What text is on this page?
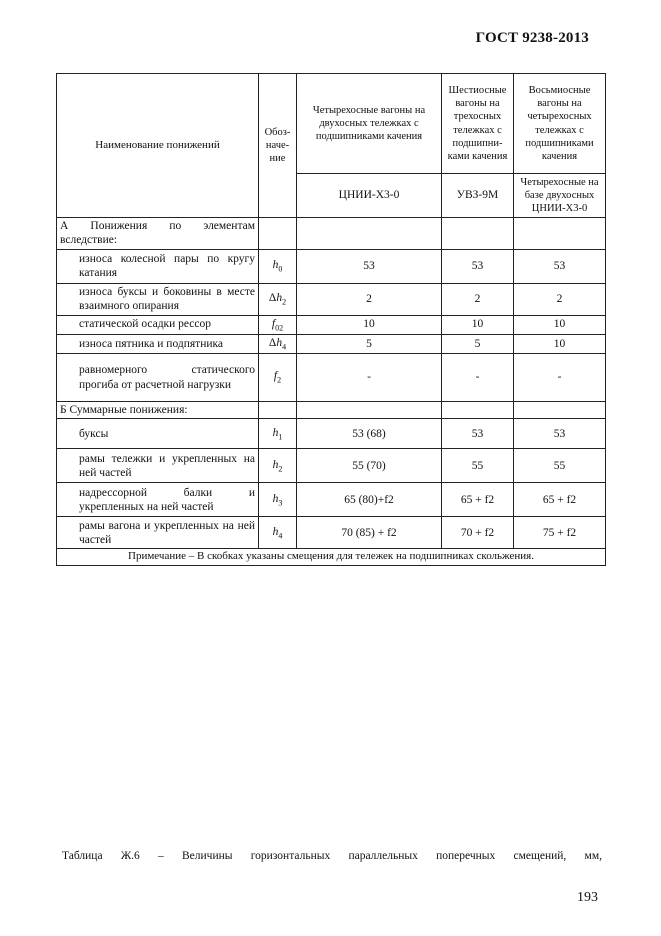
ГОСТ 9238-2013
Наименование понижений	Обоз-наче-ние	Четырехосные вагоны на двухосных тележках с подшипниками качения	Шестиосные вагоны на трехосных тележках с подшипни-ками качения	Восьмиосные вагоны на четырехосных тележках с подшипниками качения
		ЦНИИ-Х3-0	УВЗ-9М	Четырехосные на базе двухосных ЦНИИ-Х3-0
А Понижения по элементам вследствие:				
износа колесной пары по кругу катания	$h_0$	53	53	53
износа буксы и боковины в месте взаимного опирания	$\Delta h_2$	2	2	2
статической осадки рессор	$f_{02}$	10	10	10
износа пятника и подпятника	$\Delta h_4$	5	5	10
равномерного статического прогиба от расчетной нагрузки	$f_2$	-	-	-
Б Суммарные понижения:				
буксы	$h_1$	53 (68)	53	53
рамы тележки и укрепленных на ней частей	$h_2$	55 (70)	55	55
надрессорной балки и укрепленных на ней частей	$h_3$	65 (80)+f2	65 + f2	65 + f2
рамы вагона и укрепленных на ней частей	$h_4$	70 (85) + f2	70 + f2	75 + f2
Примечание – В скобках указаны смещения для тележек на подшипниках скольжения.				
Таблица Ж.6 – Величины горизонтальных параллельных поперечных смещений, мм,
193
